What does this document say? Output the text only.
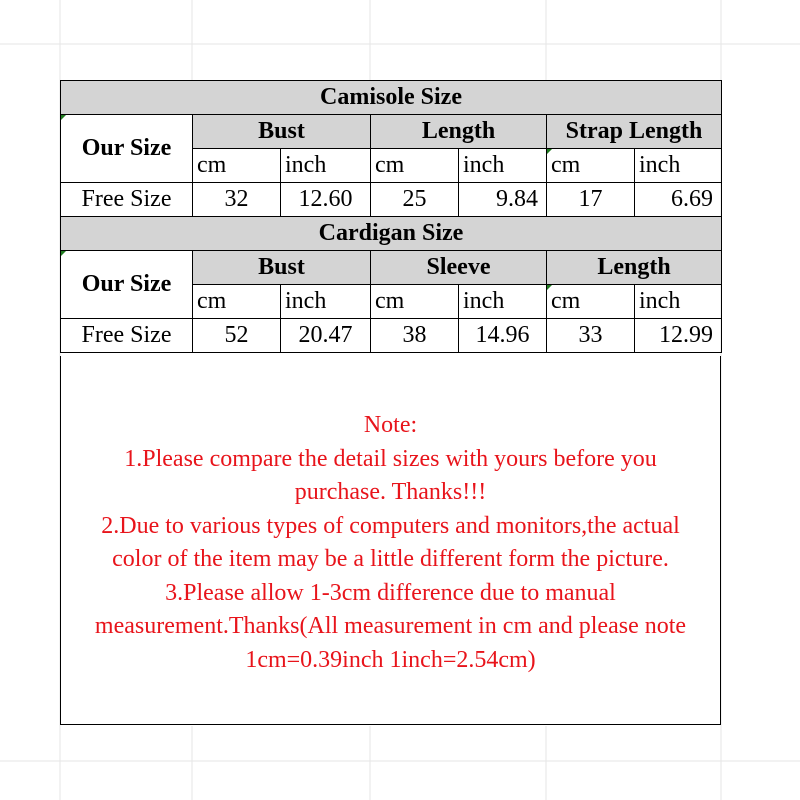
Camisole Size						
Our Size	Bust		Length		Strap Length	
	cm	inch	cm	inch	cm	inch
Free Size	32	12.60	25	9.84	17	6.69
Cardigan Size						
Our Size	Bust		Sleeve		Length	
	cm	inch	cm	inch	cm	inch
Free Size	52	20.47	38	14.96	33	12.99
Note:
1.Please compare the detail sizes with yours before you
purchase. Thanks!!!
2.Due to various types of computers and monitors,the actual
color of the item may be a little different form the picture.
3.Please allow 1-3cm difference due to manual
measurement.Thanks(All measurement in cm and please note
1cm=0.39inch 1inch=2.54cm)
